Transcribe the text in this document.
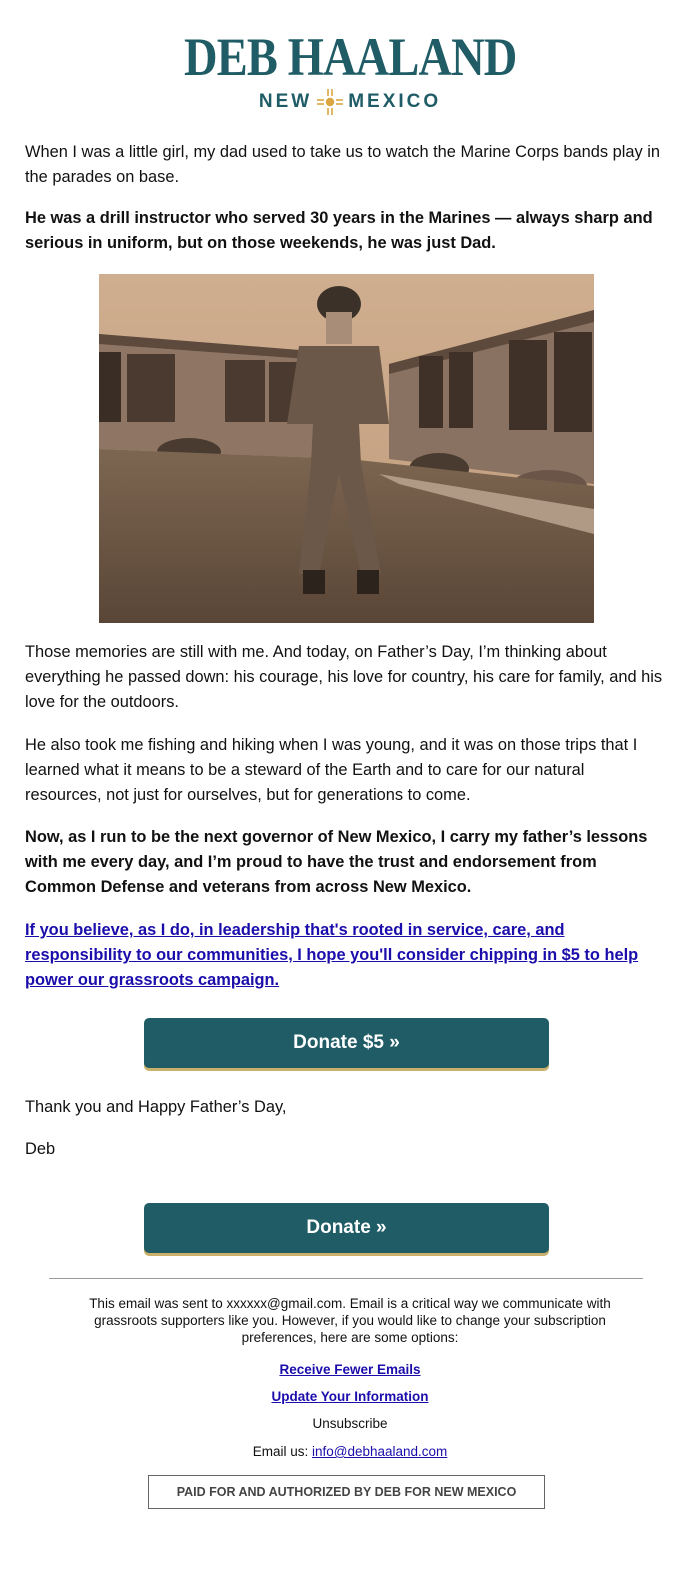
DEB HAALAND
NEW MEXICO

When I was a little girl, my dad used to take us to watch the Marine Corps bands play in the parades on base.

He was a drill instructor who served 30 years in the Marines — always sharp and serious in uniform, but on those weekends, he was just Dad.

Those memories are still with me. And today, on Father’s Day, I’m thinking about everything he passed down: his courage, his love for country, his care for family, and his love for the outdoors.

He also took me fishing and hiking when I was young, and it was on those trips that I learned what it means to be a steward of the Earth and to care for our natural resources, not just for ourselves, but for generations to come.

Now, as I run to be the next governor of New Mexico, I carry my father’s lessons with me every day, and I’m proud to have the trust and endorsement from Common Defense and veterans from across New Mexico.

If you believe, as I do, in leadership that's rooted in service, care, and responsibility to our communities, I hope you'll consider chipping in $5 to help power our grassroots campaign.

Donate $5 »

Thank you and Happy Father’s Day,

Deb

Donate »

This email was sent to xxxxxx@gmail.com. Email is a critical way we communicate with grassroots supporters like you. However, if you would like to change your subscription preferences, here are some options:

Receive Fewer Emails

Update Your Information

Unsubscribe

Email us: info@debhaaland.com

PAID FOR AND AUTHORIZED BY DEB FOR NEW MEXICO
